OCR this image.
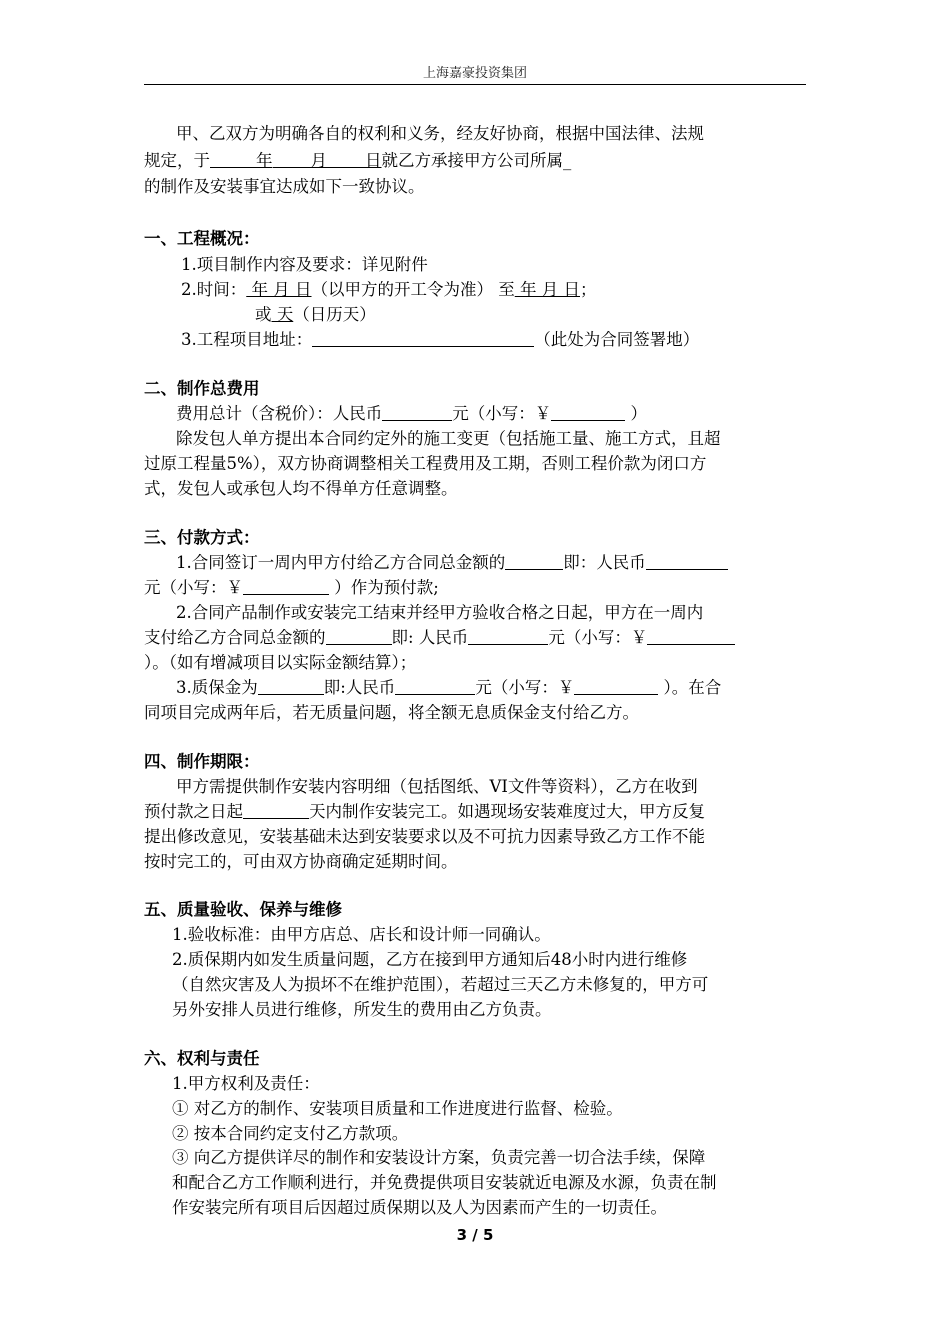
上海嘉豪投资集团
甲、乙双方为明确各自的权利和义务，经友好协商，根据中国法律、法规
规定，于	年 月 日就乙方承接甲方公司所属_
的制作及安装事宜达成如下一致协议。
一、工程概况：
1.项目制作内容及要求：详见附件
2.时间： 年 月 日（以甲方的开工令为准） 至 年 月 日；
或 天（日历天）
3.工程项目地址：	（此处为合同签署地）
二、制作总费用
费用总计（含税价）：人民币	元（小写：￥	）
除发包人单方提出本合同约定外的施工变更（包括施工量、施工方式，且超
过原工程量5%），双方协商调整相关工程费用及工期，否则工程价款为闭口方
式，发包人或承包人均不得单方任意调整。
三、付款方式：
1.合同签订一周内甲方付给乙方合同总金额的	即：人民币
元（小写：￥	）作为预付款;
2.合同产品制作或安装完工结束并经甲方验收合格之日起，甲方在一周内
支付给乙方合同总金额的	即: 人民币	元（小写：￥
）。（如有增减项目以实际金额结算）；
3.质保金为	即:人民币	元（小写：￥	）。在合
同项目完成两年后，若无质量问题，将全额无息质保金支付给乙方。
四、制作期限：
甲方需提供制作安装内容明细（包括图纸、VI文件等资料），乙方在收到
预付款之日起	天内制作安装完工。如遇现场安装难度过大，甲方反复
提出修改意见，安装基础未达到安装要求以及不可抗力因素导致乙方工作不能
按时完工的，可由双方协商确定延期时间。
五、质量验收、保养与维修
1.验收标准：由甲方店总、店长和设计师一同确认。
2.质保期内如发生质量问题，乙方在接到甲方通知后48小时内进行维修
（自然灾害及人为损坏不在维护范围），若超过三天乙方未修复的，甲方可
另外安排人员进行维修，所发生的费用由乙方负责。
六、权利与责任
1.甲方权利及责任：
① 对乙方的制作、安装项目质量和工作进度进行监督、检验。
② 按本合同约定支付乙方款项。
③ 向乙方提供详尽的制作和安装设计方案，负责完善一切合法手续，保障
和配合乙方工作顺利进行，并免费提供项目安装就近电源及水源，负责在制
作安装完所有项目后因超过质保期以及人为因素而产生的一切责任。
3 / 5
